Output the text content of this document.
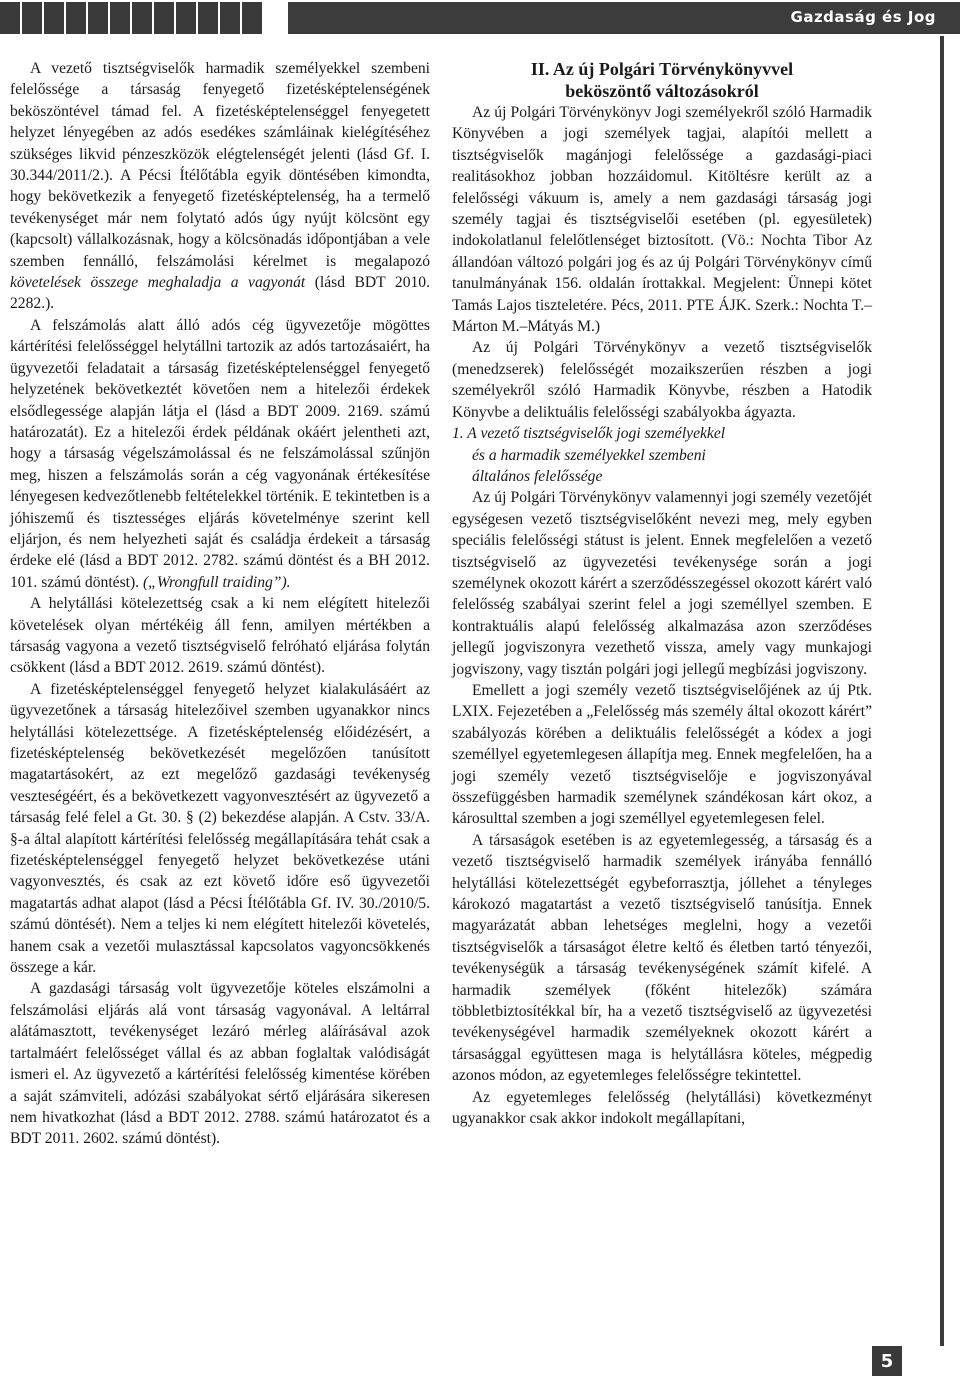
Gazdaság és Jog

A vezető tisztségviselők harmadik személyekkel szembeni felelőssége a társaság fenyegető fizetésképtelenségének beköszöntével támad fel. A fizetésképtelenséggel fenyegetett helyzet lényegében az adós esedékes számláinak kielégítéséhez szükséges likvid pénzeszközök elégtelenségét jelenti (lásd Gf. I. 30.344/2011/2.). A Pécsi Ítélőtábla egyik döntésében kimondta, hogy bekövetkezik a fenyegető fizetésképtelenség, ha a termelő tevékenységet már nem folytató adós úgy nyújt kölcsönt egy (kapcsolt) vállalkozásnak, hogy a kölcsönadás időpontjában a vele szemben fennálló, felszámolási kérelmet is megalapozó követelések összege meghaladja a vagyonát (lásd BDT 2010. 2282.).

A felszámolás alatt álló adós cég ügyvezetője mögöttes kártérítési felelősséggel helytállni tartozik az adós tartozásaiért, ha ügyvezetői feladatait a társaság fizetésképtelenséggel fenyegető helyzetének bekövetkeztét követően nem a hitelezői érdekek elsődlegessége alapján látja el (lásd a BDT 2009. 2169. számú határozatát). Ez a hitelezői érdek példának okáért jelentheti azt, hogy a társaság végelszámolással és ne felszámolással szűnjön meg, hiszen a felszámolás során a cég vagyonának értékesítése lényegesen kedvezőtlenebb feltételekkel történik. E tekintetben is a jóhiszemű és tisztességes eljárás követelménye szerint kell eljárjon, és nem helyezheti saját és családja érdekeit a társaság érdeke elé (lásd a BDT 2012. 2782. számú döntést és a BH 2012. 101. számú döntést). („Wrongfull traiding”).

A helytállási kötelezettség csak a ki nem elégített hitelezői követelések olyan mértékéig áll fenn, amilyen mértékben a társaság vagyona a vezető tisztségviselő felróható eljárása folytán csökkent (lásd a BDT 2012. 2619. számú döntést).

A fizetésképtelenséggel fenyegető helyzet kialakulásáért az ügyvezetőnek a társaság hitelezőivel szemben ugyanakkor nincs helytállási kötelezettsége. A fizetésképtelenség előidézésért, a fizetésképtelenség bekövetkezését megelőzően tanúsított magatartásokért, az ezt megelőző gazdasági tevékenység veszteségéért, és a bekövetkezett vagyonvesztésért az ügyvezető a társaság felé felel a Gt. 30. § (2) bekezdése alapján. A Cstv. 33/A. §-a által alapított kártérítési felelősség megállapítására tehát csak a fizetésképtelenséggel fenyegető helyzet bekövetkezése utáni vagyonvesztés, és csak az ezt követő időre eső ügyvezetői magatartás adhat alapot (lásd a Pécsi Ítélőtábla Gf. IV. 30./2010/5. számú döntését). Nem a teljes ki nem elégített hitelezői követelés, hanem csak a vezetői mulasztással kapcsolatos vagyoncsökkenés összege a kár.

A gazdasági társaság volt ügyvezetője köteles elszámolni a felszámolási eljárás alá vont társaság vagyonával. A leltárral alátámasztott, tevékenységet lezáró mérleg aláírásával azok tartalmáért felelősséget vállal és az abban foglaltak valódiságát ismeri el. Az ügyvezető a kártérítési felelősség kimentése körében a saját számviteli, adózási szabályokat sértő eljárására sikeresen nem hivatkozhat (lásd a BDT 2012. 2788. számú határozatot és a BDT 2011. 2602. számú döntést).

II. Az új Polgári Törvénykönyvvel
beköszöntő változásokról

Az új Polgári Törvénykönyv Jogi személyekről szóló Harmadik Könyvében a jogi személyek tagjai, alapítói mellett a tisztségviselők magánjogi felelőssége a gazdasági-piaci realitásokhoz jobban hozzáidomul. Kitöltésre került az a felelősségi vákuum is, amely a nem gazdasági társaság jogi személy tagjai és tisztségviselői esetében (pl. egyesületek) indokolatlanul felelőtlenséget biztosított. (Vö.: Nochta Tibor Az állandóan változó polgári jog és az új Polgári Törvénykönyv című tanulmányának 156. oldalán írottakkal. Megjelent: Ünnepi kötet Tamás Lajos tiszteletére. Pécs, 2011. PTE ÁJK. Szerk.: Nochta T.–Márton M.–Mátyás M.)

Az új Polgári Törvénykönyv a vezető tisztségviselők (menedzserek) felelősségét mozaikszerűen részben a jogi személyekről szóló Harmadik Könyvbe, részben a Hatodik Könyvbe a deliktuális felelősségi szabályokba ágyazta.

1. A vezető tisztségviselők jogi személyekkel
és a harmadik személyekkel szembeni
általános felelőssége

Az új Polgári Törvénykönyv valamennyi jogi személy vezetőjét egységesen vezető tisztségviselőként nevezi meg, mely egyben speciális felelősségi státust is jelent. Ennek megfelelően a vezető tisztségviselő az ügyvezetési tevékenysége során a jogi személynek okozott kárért a szerződésszegéssel okozott kárért való felelősség szabályai szerint felel a jogi személlyel szemben. E kontraktuális alapú felelősség alkalmazása azon szerződéses jellegű jogviszonyra vezethető vissza, amely vagy munkajogi jogviszony, vagy tisztán polgári jogi jellegű megbízási jogviszony.

Emellett a jogi személy vezető tisztségviselőjének az új Ptk. LXIX. Fejezetében a „Felelősség más személy által okozott kárért” szabályozás körében a deliktuális felelősségét a kódex a jogi személlyel egyetemlegesen állapítja meg. Ennek megfelelően, ha a jogi személy vezető tisztségviselője e jogviszonyával összefüggésben harmadik személynek szándékosan kárt okoz, a károsulttal szemben a jogi személlyel egyetemlegesen felel.

A társaságok esetében is az egyetemlegesség, a társaság és a vezető tisztségviselő harmadik személyek irányába fennálló helytállási kötelezettségét egybeforrasztja, jóllehet a tényleges károkozó magatartást a vezető tisztségviselő tanúsítja. Ennek magyarázatát abban lehetséges meglelni, hogy a vezetői tisztségviselők a társaságot életre keltő és életben tartó tényezői, tevékenységük a társaság tevékenységének számít kifelé. A harmadik személyek (főként hitelezők) számára többletbiztosítékkal bír, ha a vezető tisztségviselő az ügyvezetési tevékenységével harmadik személyeknek okozott kárért a társasággal együttesen maga is helytállásra köteles, mégpedig azonos módon, az egyetemleges felelősségre tekintettel.

Az egyetemleges felelősség (helytállási) következményt ugyanakkor csak akkor indokolt megállapítani,

5
